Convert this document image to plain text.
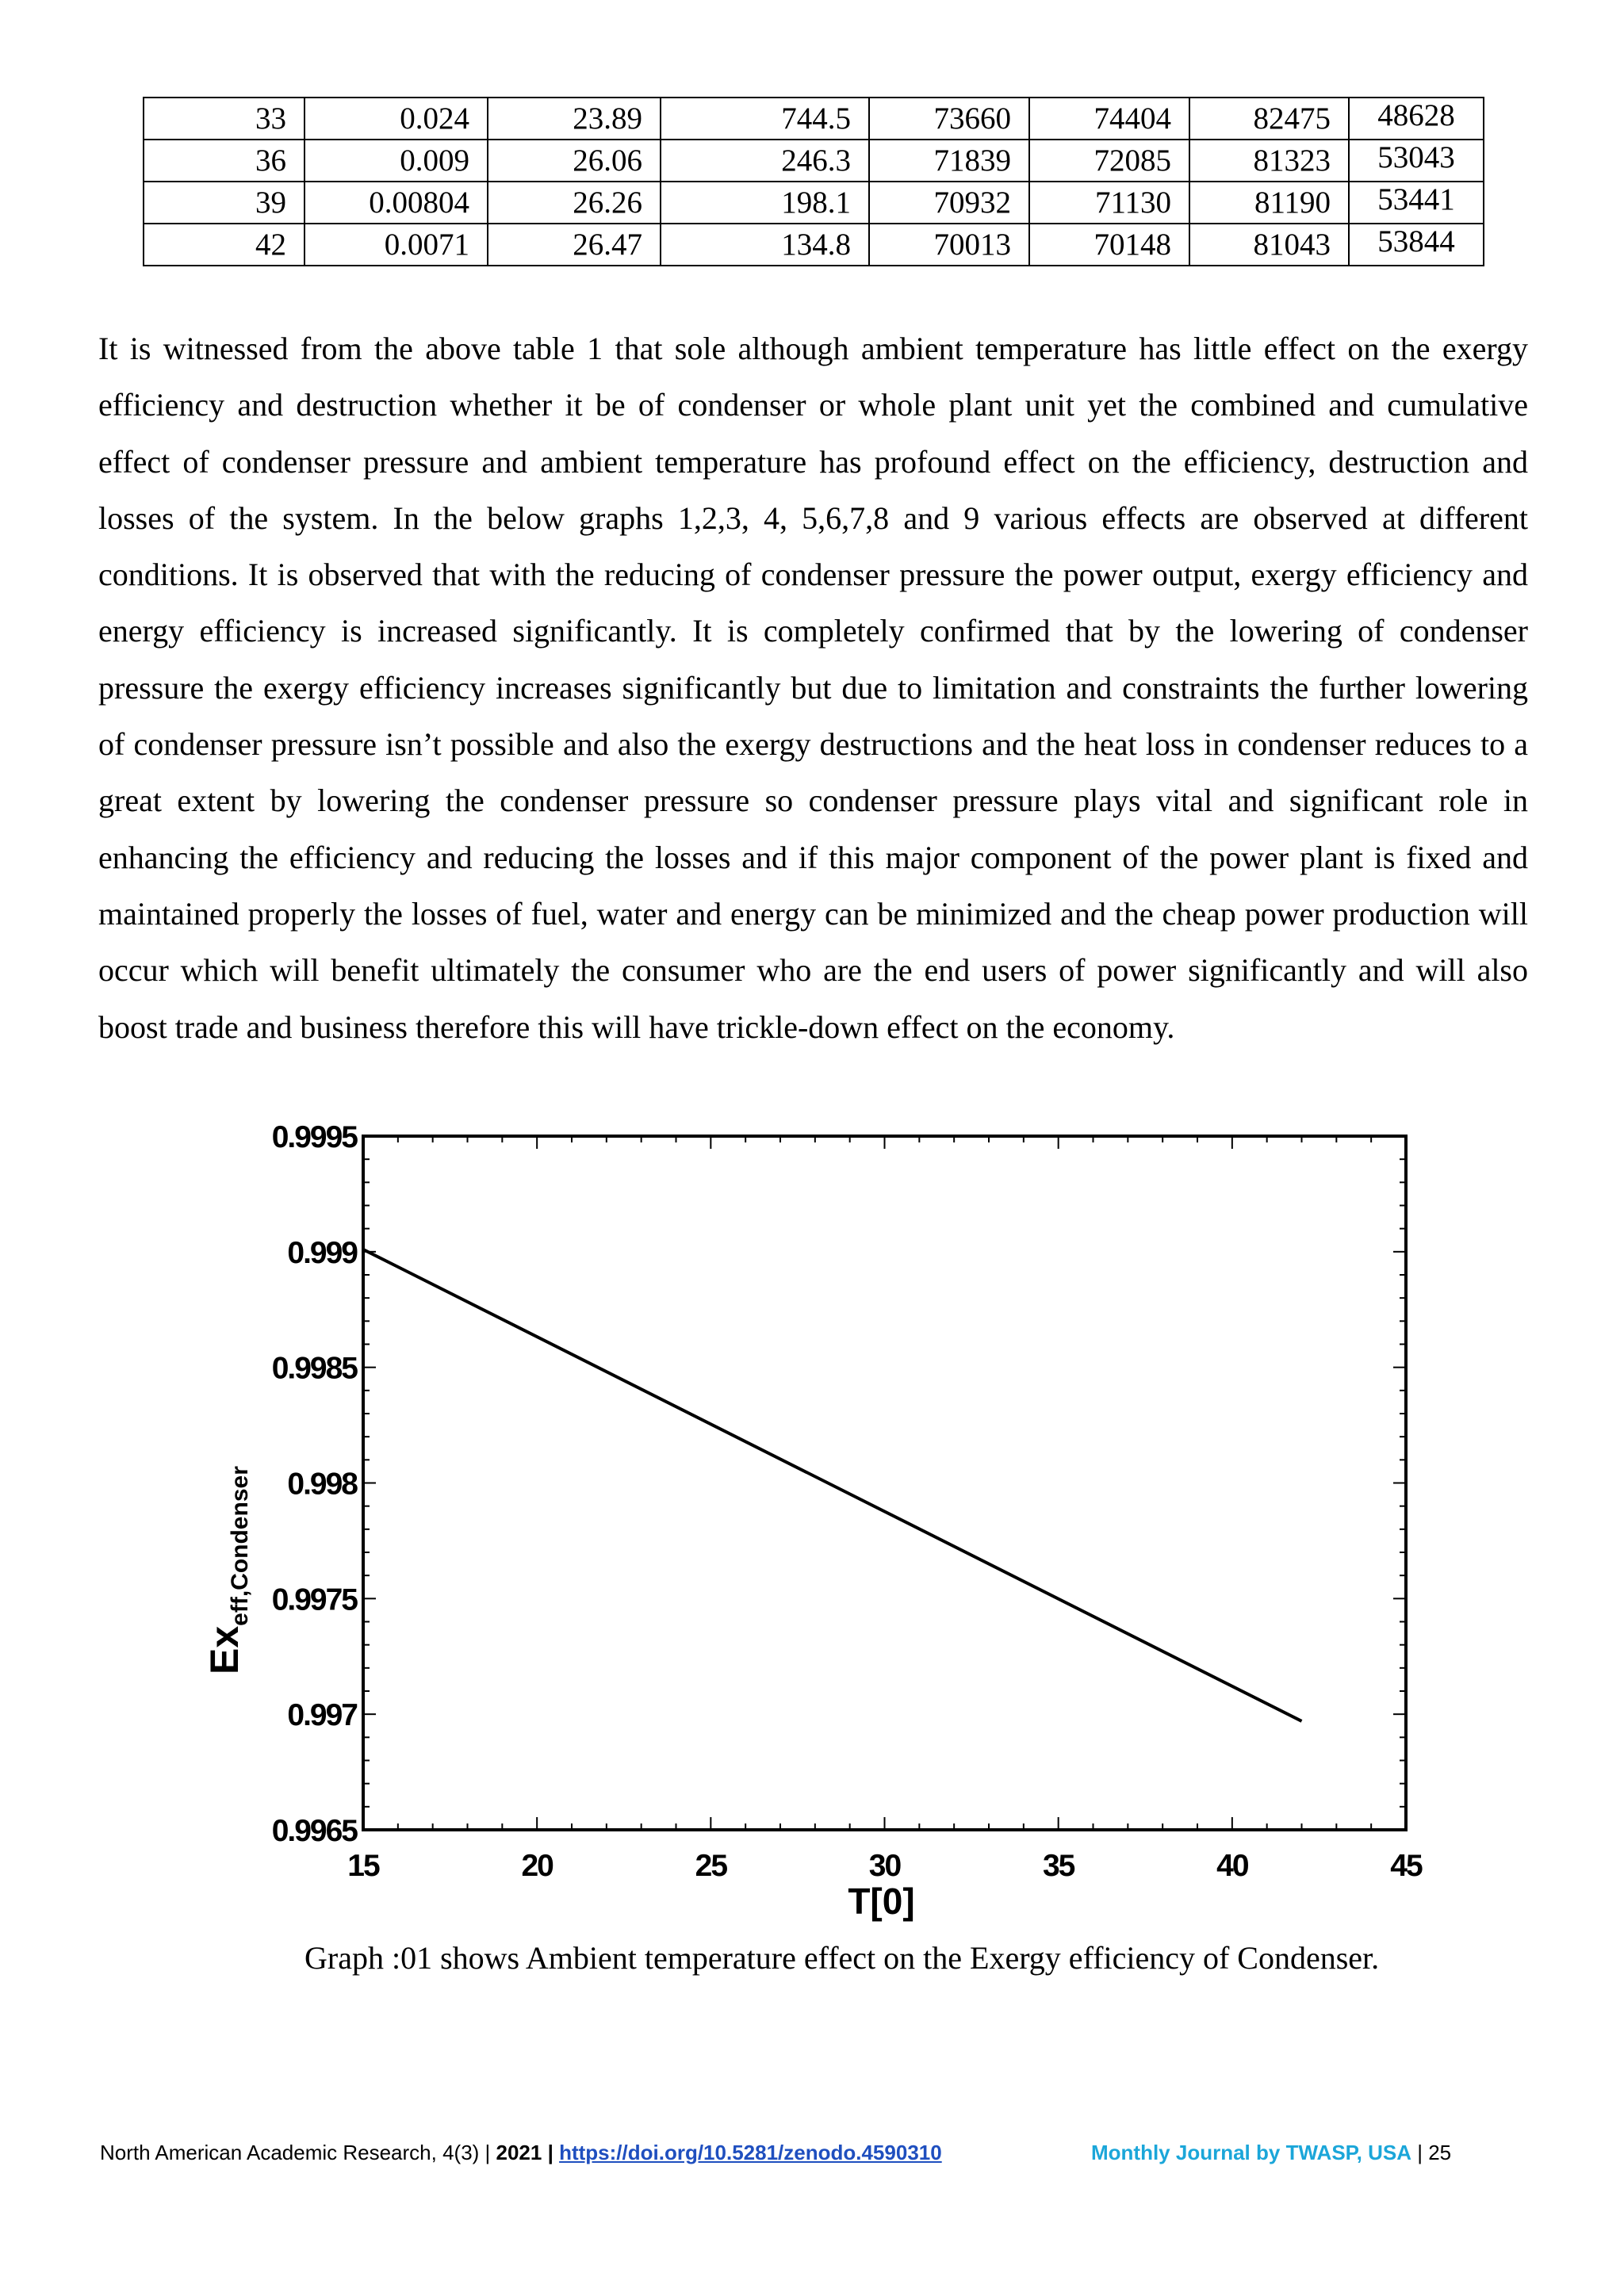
33	0.024	23.89	744.5	73660	74404	82475	48628
36	0.009	26.06	246.3	71839	72085	81323	53043
39	0.00804	26.26	198.1	70932	71130	81190	53441
42	0.0071	26.47	134.8	70013	70148	81043	53844

It is witnessed from the above table 1 that sole although ambient temperature has little effect on the exergy efficiency and destruction whether it be of condenser or whole plant unit yet the combined and cumulative effect of condenser pressure and ambient temperature has profound effect on the efficiency, destruction and losses of the system. In the below graphs 1,2,3, 4, 5,6,7,8 and 9 various effects are observed at different conditions. It is observed that with the reducing of condenser pressure the power output, exergy efficiency and energy efficiency is increased significantly. It is completely confirmed that by the lowering of condenser pressure the exergy efficiency increases significantly but due to limitation and constraints the further lowering of condenser pressure isn’t possible and also the exergy destructions and the heat loss in condenser reduces to a great extent by lowering the condenser pressure so condenser pressure plays vital and significant role in enhancing the efficiency and reducing the losses and if this major component of the power plant is fixed and maintained properly the losses of fuel, water and energy can be minimized and the cheap power production will occur which will benefit ultimately the consumer who are the end users of power significantly and will also boost trade and business therefore this will have trickle-down effect on the economy.

15	20	25	30	35	40	45
0.9995
0.999
0.9985
0.998
0.9975
0.997
0.9965
T[0]
$Ex_{eff,Condenser}$
Graph :01 shows Ambient temperature effect on the Exergy efficiency of Condenser.
North American Academic Research, 4(3) | 2021 | https://doi.org/10.5281/zenodo.4590310	Monthly Journal by TWASP, USA | 25
